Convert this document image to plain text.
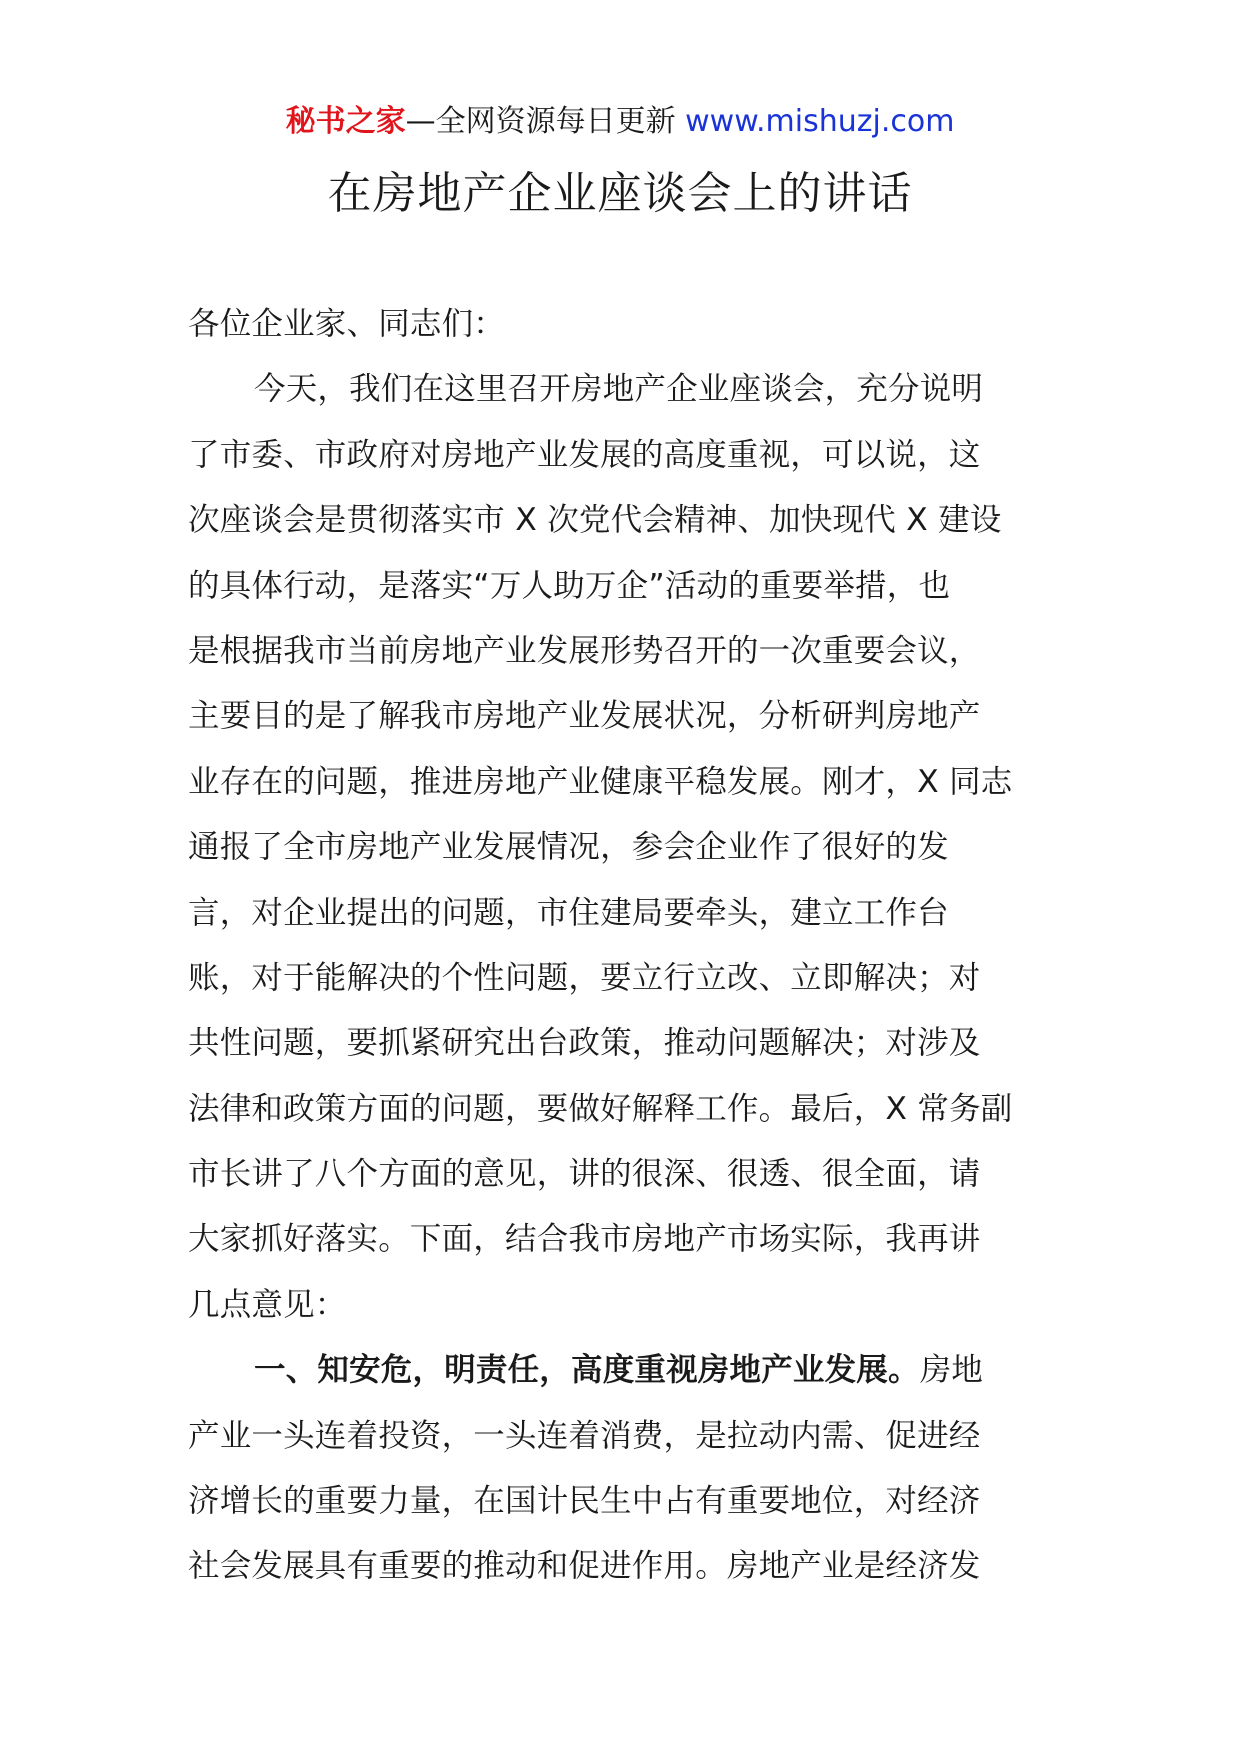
秘书之家—全网资源每日更新 www.mishuzj.com
在房地产企业座谈会上的讲话
各位企业家、同志们：
今天，我们在这里召开房地产企业座谈会，充分说明
了市委、市政府对房地产业发展的高度重视，可以说，这
次座谈会是贯彻落实市 X 次党代会精神、加快现代 X 建设
的具体行动，是落实“万人助万企”活动的重要举措，也
是根据我市当前房地产业发展形势召开的一次重要会议，
主要目的是了解我市房地产业发展状况，分析研判房地产
业存在的问题，推进房地产业健康平稳发展。刚才，X 同志
通报了全市房地产业发展情况，参会企业作了很好的发
言，对企业提出的问题，市住建局要牵头，建立工作台
账，对于能解决的个性问题，要立行立改、立即解决；对
共性问题，要抓紧研究出台政策，推动问题解决；对涉及
法律和政策方面的问题，要做好解释工作。最后，X 常务副
市长讲了八个方面的意见，讲的很深、很透、很全面，请
大家抓好落实。下面，结合我市房地产市场实际，我再讲
几点意见：
一、知安危，明责任，高度重视房地产业发展。房地
产业一头连着投资，一头连着消费，是拉动内需、促进经
济增长的重要力量，在国计民生中占有重要地位，对经济
社会发展具有重要的推动和促进作用。房地产业是经济发
